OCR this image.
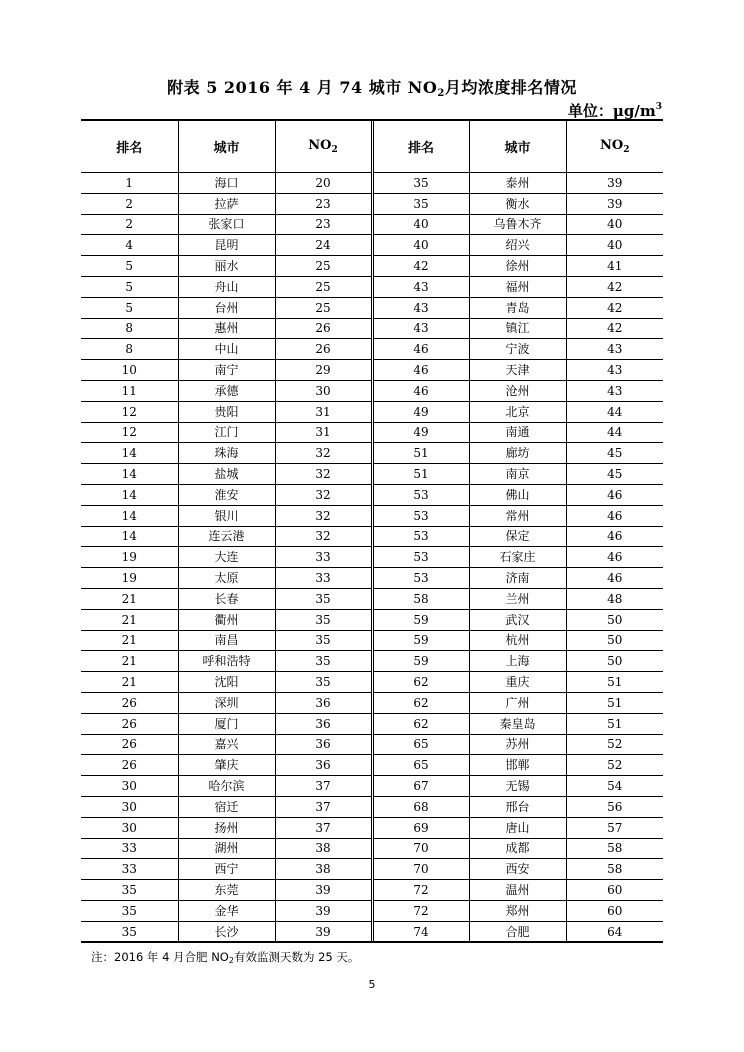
附表 5 2016 年 4 月 74 城市 $NO_2$月均浓度排名情况
单位：$\mu g/m^3$
排名	城市	$NO_2$	排名	城市	$NO_2$
1	海口	20	35	泰州	39
2	拉萨	23	35	衡水	39
2	张家口	23	40	乌鲁木齐	40
4	昆明	24	40	绍兴	40
5	丽水	25	42	徐州	41
5	舟山	25	43	福州	42
5	台州	25	43	青岛	42
8	惠州	26	43	镇江	42
8	中山	26	46	宁波	43
10	南宁	29	46	天津	43
11	承德	30	46	沧州	43
12	贵阳	31	49	北京	44
12	江门	31	49	南通	44
14	珠海	32	51	廊坊	45
14	盐城	32	51	南京	45
14	淮安	32	53	佛山	46
14	银川	32	53	常州	46
14	连云港	32	53	保定	46
19	大连	33	53	石家庄	46
19	太原	33	53	济南	46
21	长春	35	58	兰州	48
21	衢州	35	59	武汉	50
21	南昌	35	59	杭州	50
21	呼和浩特	35	59	上海	50
21	沈阳	35	62	重庆	51
26	深圳	36	62	广州	51
26	厦门	36	62	秦皇岛	51
26	嘉兴	36	65	苏州	52
26	肇庆	36	65	邯郸	52
30	哈尔滨	37	67	无锡	54
30	宿迁	37	68	邢台	56
30	扬州	37	69	唐山	57
33	湖州	38	70	成都	58
33	西宁	38	70	西安	58
35	东莞	39	72	温州	60
35	金华	39	72	郑州	60
35	长沙	39	74	合肥	64
注：2016 年 4 月合肥 $NO_2$有效监测天数为 25 天。
5
